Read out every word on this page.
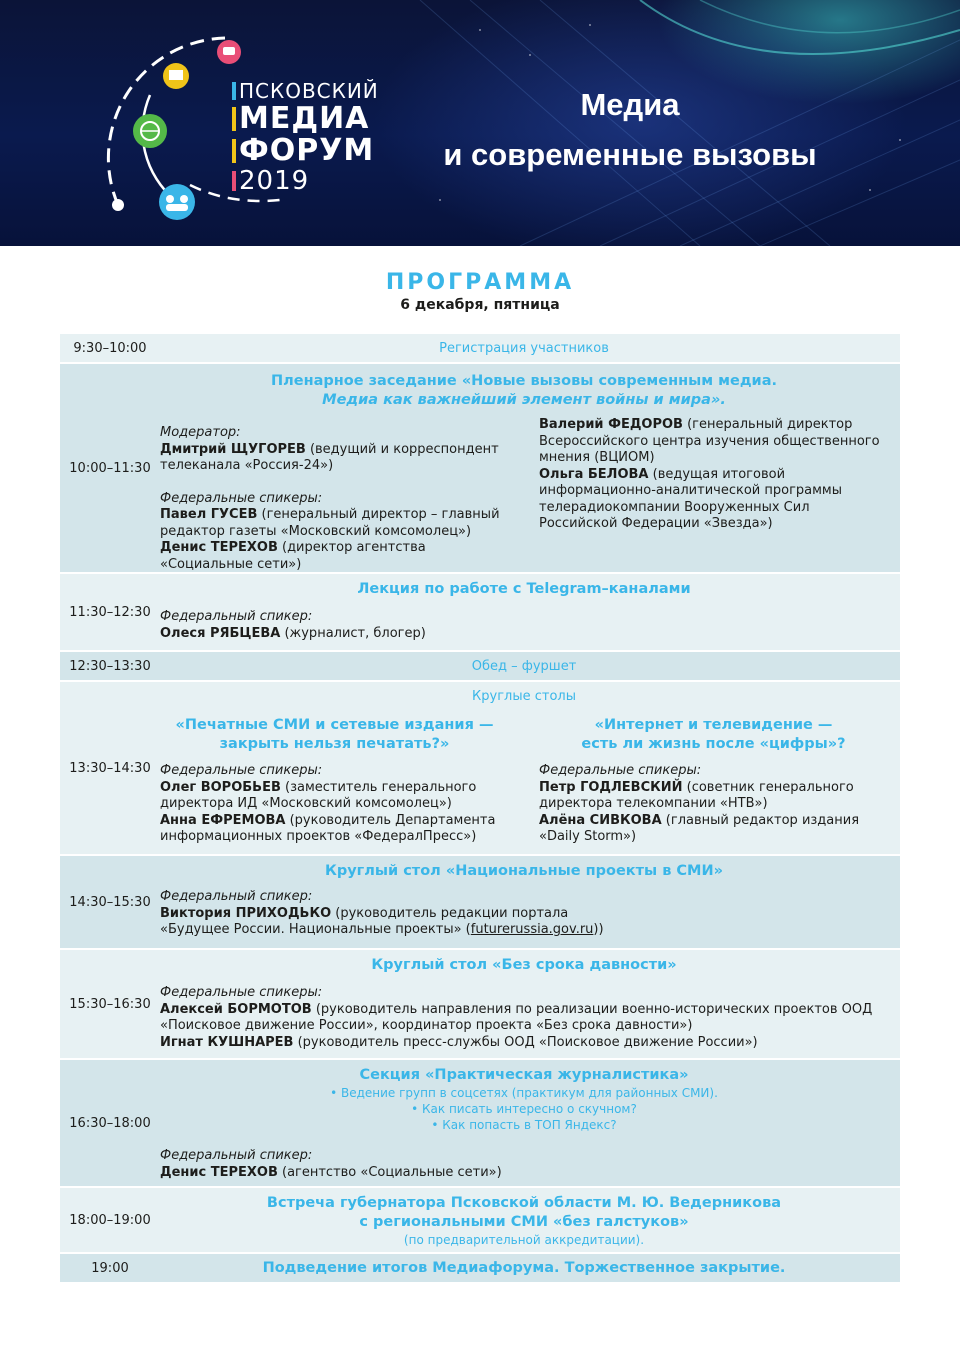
ПСКОВСКИЙ
МЕДИА
ФОРУМ
2019
Медиа
и современные вызовы
ПРОГРАММА
6 декабря, пятница
9:30–10:00	Регистрация участников
10:00–11:30
Пленарное заседание «Новые вызовы современным медиа.
Медиа как важнейший элемент войны и мира».
Модератор:
Дмитрий ЩУГОРЕВ (ведущий и корреспондент телеканала «Россия-24»)
Федеральные спикеры:
Павел ГУСЕВ (генеральный директор – главный редактор газеты «Московский комсомолец»)
Денис ТЕРЕХОВ (директор агентства «Социальные сети»)
Валерий ФЕДОРОВ (генеральный директор Всероссийского центра изучения общественного мнения (ВЦИОМ)
Ольга БЕЛОВА (ведущая итоговой информационно-аналитической программы телерадиокомпании Вооруженных Сил Российской Федерации «Звезда»)
11:30–12:30
Лекция по работе с Telegram–каналами
Федеральный спикер:
Олеся РЯБЦЕВА (журналист, блогер)
12:30–13:30	Обед – фуршет
13:30–14:30
Круглые столы
«Печатные СМИ и сетевые издания —
закрыть нельзя печатать?»
Федеральные спикеры:
Олег ВОРОБЬЕВ (заместитель генерального директора ИД «Московский комсомолец»)
Анна ЕФРЕМОВА (руководитель Департамента информационных проектов «ФедералПресс»)
«Интернет и телевидение —
есть ли жизнь после «цифры»?
Федеральные спикеры:
Петр ГОДЛЕВСКИЙ (советник генерального директора телекомпании «НТВ»)
Алёна СИВКОВА (главный редактор издания «Daily Storm»)
14:30–15:30
Круглый стол «Национальные проекты в СМИ»
Федеральный спикер:
Виктория ПРИХОДЬКО (руководитель редакции портала «Будущее России. Национальные проекты» (futurerussia.gov.ru))
15:30–16:30
Круглый стол «Без срока давности»
Федеральные спикеры:
Алексей БОРМОТОВ (руководитель направления по реализации военно-исторических проектов ООД «Поисковое движение России», координатор проекта «Без срока давности»)
Игнат КУШНАРЕВ (руководитель пресс-службы ООД «Поисковое движение России»)
16:30–18:00
Секция «Практическая журналистика»
• Ведение групп в соцсетях (практикум для районных СМИ).
• Как писать интересно о скучном?
• Как попасть в ТОП Яндекс?
Федеральный спикер:
Денис ТЕРЕХОВ (агентство «Социальные сети»)
18:00–19:00
Встреча губернатора Псковской области М. Ю. Ведерникова
с региональными СМИ «без галстуков»
(по предварительной аккредитации).
19:00	Подведение итогов Медиафорума. Торжественное закрытие.
